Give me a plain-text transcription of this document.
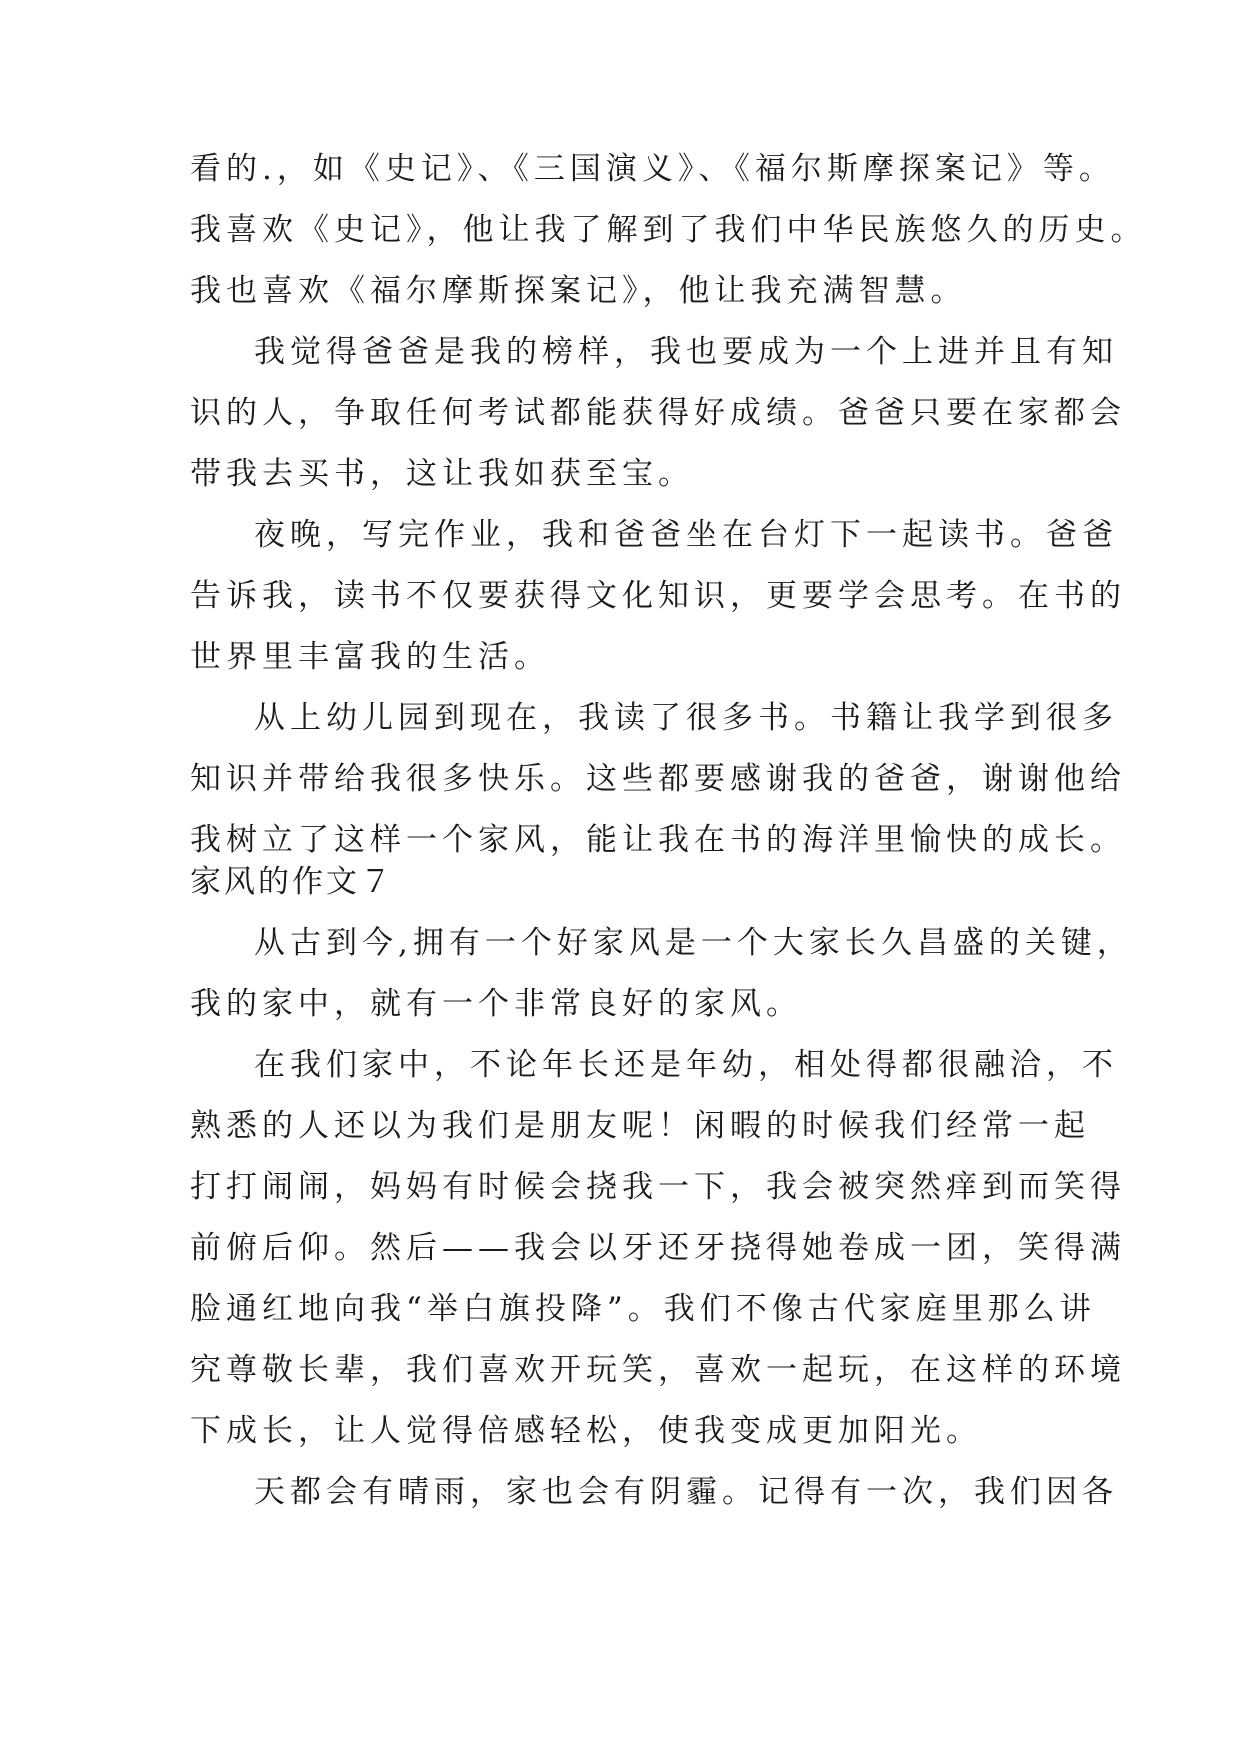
看的.，如《史记》、《三国演义》、《福尔斯摩探案记》等。
我喜欢《史记》，他让我了解到了我们中华民族悠久的历史。
我也喜欢《福尔摩斯探案记》，他让我充满智慧。
我觉得爸爸是我的榜样，我也要成为一个上进并且有知
识的人，争取任何考试都能获得好成绩。爸爸只要在家都会
带我去买书，这让我如获至宝。
夜晚，写完作业，我和爸爸坐在台灯下一起读书。爸爸
告诉我，读书不仅要获得文化知识，更要学会思考。在书的
世界里丰富我的生活。
从上幼儿园到现在，我读了很多书。书籍让我学到很多
知识并带给我很多快乐。这些都要感谢我的爸爸，谢谢他给
我树立了这样一个家风，能让我在书的海洋里愉快的成长。
家风的作文７
从古到今,拥有一个好家风是一个大家长久昌盛的关键，
我的家中，就有一个非常良好的家风。
在我们家中，不论年长还是年幼，相处得都很融洽，不
熟悉的人还以为我们是朋友呢！闲暇的时候我们经常一起
打打闹闹，妈妈有时候会挠我一下，我会被突然痒到而笑得
前俯后仰。然后——我会以牙还牙挠得她卷成一团，笑得满
脸通红地向我“举白旗投降”。我们不像古代家庭里那么讲
究尊敬长辈，我们喜欢开玩笑，喜欢一起玩，在这样的环境
下成长，让人觉得倍感轻松，使我变成更加阳光。
天都会有晴雨，家也会有阴霾。记得有一次，我们因各
